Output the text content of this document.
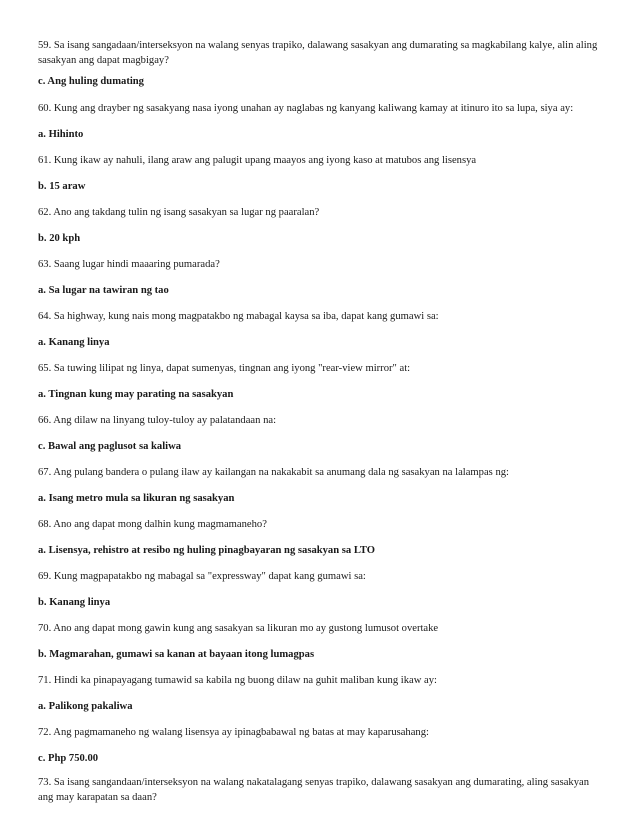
59. Sa isang sangadaan/interseksyon na walang senyas trapiko, dalawang sasakyan ang dumarating sa magkabilang kalye, alin aling sasakyan ang dapat magbigay?
c. Ang huling dumating
60. Kung ang drayber ng sasakyang nasa iyong unahan ay naglabas ng kanyang kaliwang kamay at itinuro ito sa lupa, siya ay:
a. Hihinto
61. Kung ikaw ay nahuli, ilang araw ang palugit upang maayos ang iyong kaso at matubos ang lisensya
b. 15 araw
62. Ano ang takdang tulin ng isang sasakyan sa lugar ng paaralan?
b. 20 kph
63. Saang lugar hindi maaaring pumarada?
a. Sa lugar na tawiran ng tao
64. Sa highway, kung nais mong magpatakbo ng mabagal kaysa sa iba, dapat kang gumawi sa:
a. Kanang linya
65. Sa tuwing lilipat ng linya, dapat sumenyas, tingnan ang iyong "rear-view mirror" at:
a. Tingnan kung may parating na sasakyan
66. Ang dilaw na linyang tuloy-tuloy ay palatandaan na:
c. Bawal ang paglusot sa kaliwa
67. Ang pulang bandera o pulang ilaw ay kailangan na nakakabit sa anumang dala ng sasakyan na lalampas ng:
a. Isang metro mula sa likuran ng sasakyan
68. Ano ang dapat mong dalhin kung magmamaneho?
a. Lisensya, rehistro at resibo ng huling pinagbayaran ng sasakyan sa LTO
69. Kung magpapatakbo ng mabagal sa "expressway" dapat kang gumawi sa:
b. Kanang linya
70. Ano ang dapat mong gawin kung ang sasakyan sa likuran mo ay gustong lumusot overtake
b. Magmarahan, gumawi sa kanan at bayaan itong lumagpas
71. Hindi ka pinapayagang tumawid sa kabila ng buong dilaw na guhit maliban kung ikaw ay:
a. Palikong pakaliwa
72. Ang pagmamaneho ng walang lisensya ay ipinagbabawal ng batas at may kaparusahang:
c. Php 750.00
73. Sa isang sangandaan/interseksyon na walang nakatalagang senyas trapiko, dalawang sasakyan ang dumarating, aling sasakyan ang may karapatan sa daan?
